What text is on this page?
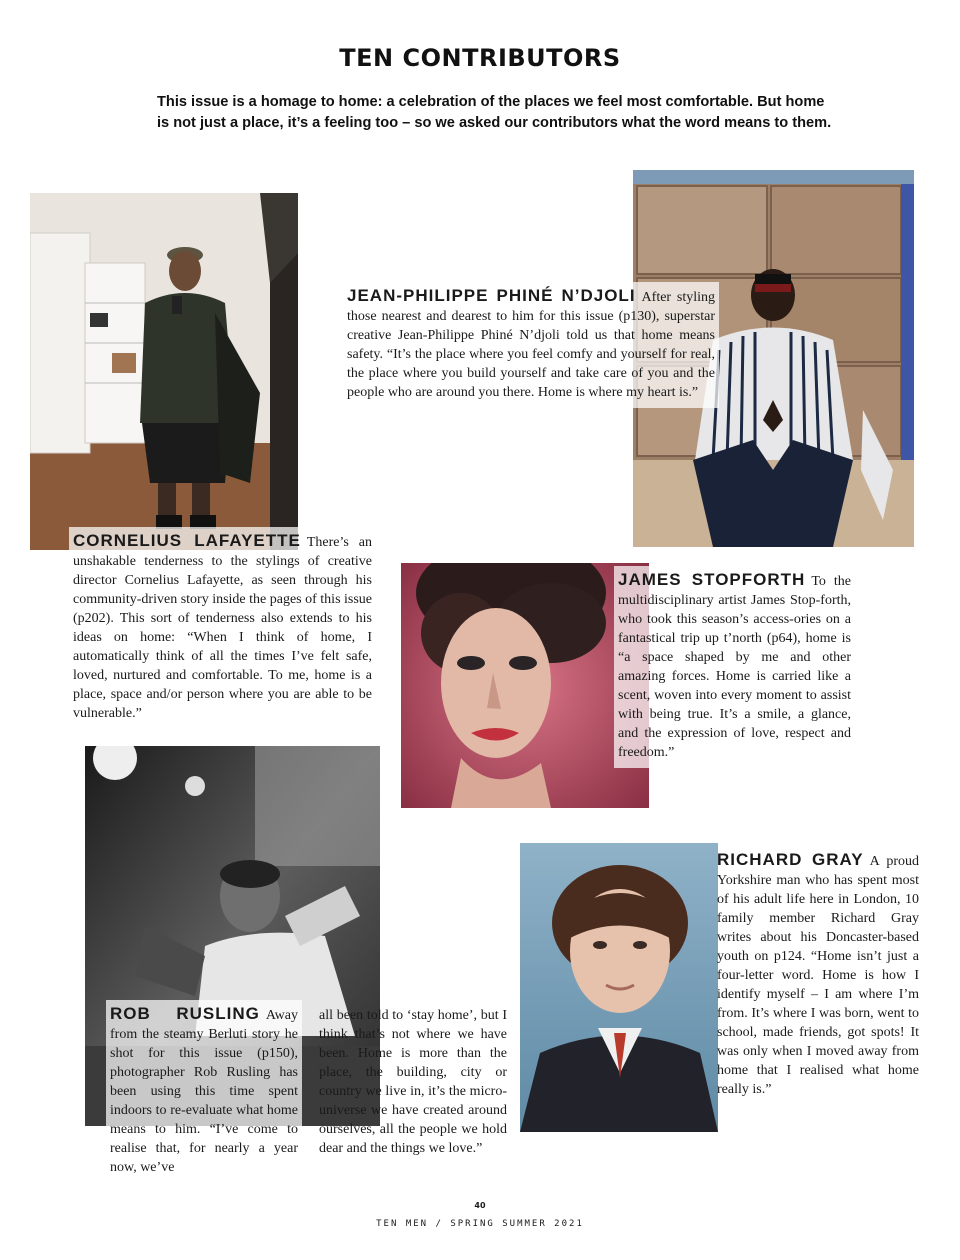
TEN CONTRIBUTORS

This issue is a homage to home: a celebration of the places we feel most comfortable. But home is not just a place, it’s a feeling too – so we asked our contributors what the word means to them.

JEAN-PHILIPPE PHINÉ N’DJOLI After styling those nearest and dearest to him for this issue (p130), superstar creative Jean-Philippe Phiné N’djoli told us that home means safety. “It’s the place where you feel comfy and yourself for real, the place where you build yourself and take care of you and the people who are around you there. Home is where my heart is.”
CORNELIUS LAFAYETTE There’s an unshakable tenderness to the stylings of creative director Cornelius Lafayette, as seen through his community-driven story inside the pages of this issue (p202). This sort of tenderness also extends to his ideas on home: “When I think of home, I automatically think of all the times I’ve felt safe, loved, nurtured and comfortable. To me, home is a place, space and/or person where you are able to be vulnerable.”
JAMES STOPFORTH To the multidisciplinary artist James Stop-forth, who took this season’s access-ories on a fantastical trip up t’north (p64), home is “a space shaped by me and other amazing forces. Home is carried like a scent, woven into every moment to assist with being true. It’s a smile, a glance, and the expression of love, respect and freedom.”
ROB RUSLING Away from the steamy Berluti story he shot for this issue (p150), photographer Rob Rusling has been using this time spent indoors to re-evaluate what home means to him. “I’ve come to realise that, for nearly a year now, we’ve
all been told to ‘stay home’, but I think that’s not where we have been. Home is more than the place, the building, city or country we live in, it’s the micro-universe we have created around ourselves, all the people we hold dear and the things we love.”
RICHARD GRAY A proud Yorkshire man who has spent most of his adult life here in London, 10 family member Richard Gray writes about his Doncaster-based youth on p124. “Home isn’t just a four-letter word. Home is how I identify myself – I am where I’m from. It’s where I was born, went to school, made friends, got spots! It was only when I moved away from home that I realised what home really is.”
40
TEN MEN / SPRING SUMMER 2021
